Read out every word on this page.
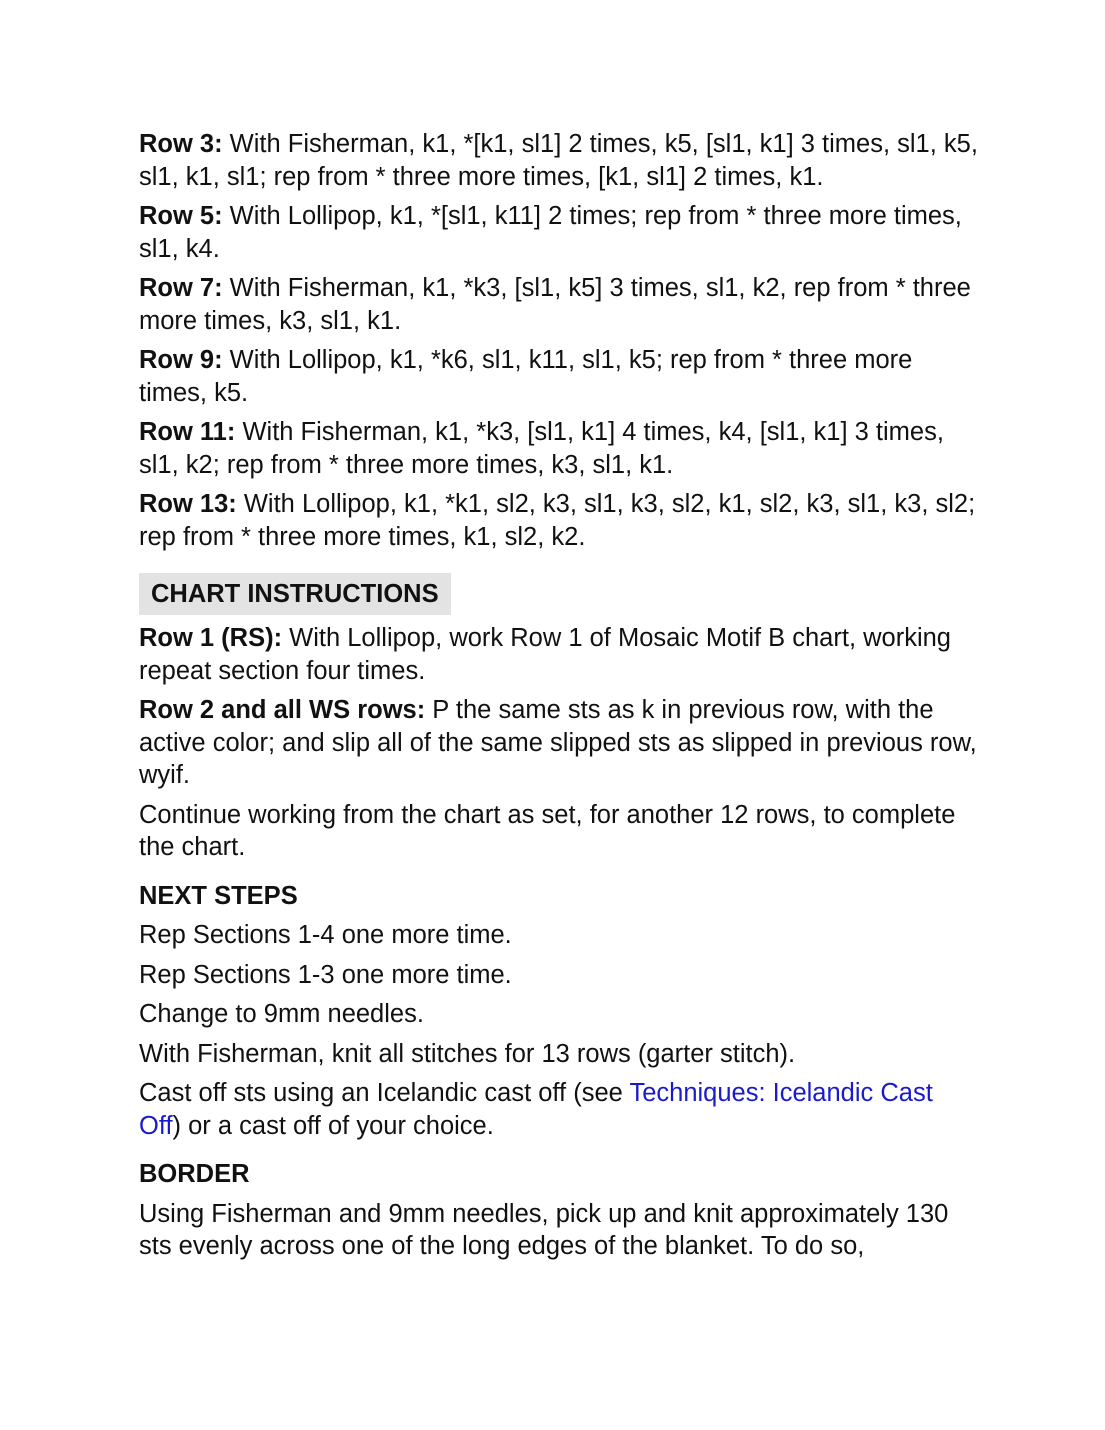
Row 3: With Fisherman, k1, *[k1, sl1] 2 times, k5, [sl1, k1] 3 times, sl1, k5, sl1, k1, sl1; rep from * three more times, [k1, sl1] 2 times, k1.

Row 5: With Lollipop, k1, *[sl1, k11] 2 times; rep from * three more times, sl1, k4.

Row 7: With Fisherman, k1, *k3, [sl1, k5] 3 times, sl1, k2, rep from * three more times, k3, sl1, k1.

Row 9: With Lollipop, k1, *k6, sl1, k11, sl1, k5; rep from * three more times, k5.

Row 11: With Fisherman, k1, *k3, [sl1, k1] 4 times, k4, [sl1, k1] 3 times, sl1, k2; rep from * three more times, k3, sl1, k1.

Row 13: With Lollipop, k1, *k1, sl2, k3, sl1, k3, sl2, k1, sl2, k3, sl1, k3, sl2; rep from * three more times, k1, sl2, k2.

CHART INSTRUCTIONS

Row 1 (RS): With Lollipop, work Row 1 of Mosaic Motif B chart, working repeat section four times.

Row 2 and all WS rows: P the same sts as k in previous row, with the active color; and slip all of the same slipped sts as slipped in previous row, wyif.

Continue working from the chart as set, for another 12 rows, to complete the chart.

NEXT STEPS

Rep Sections 1-4 one more time.

Rep Sections 1-3 one more time.

Change to 9mm needles.

With Fisherman, knit all stitches for 13 rows (garter stitch).

Cast off sts using an Icelandic cast off (see Techniques: Icelandic Cast Off) or a cast off of your choice.

BORDER

Using Fisherman and 9mm needles, pick up and knit approximately 130 sts evenly across one of the long edges of the blanket. To do so,
